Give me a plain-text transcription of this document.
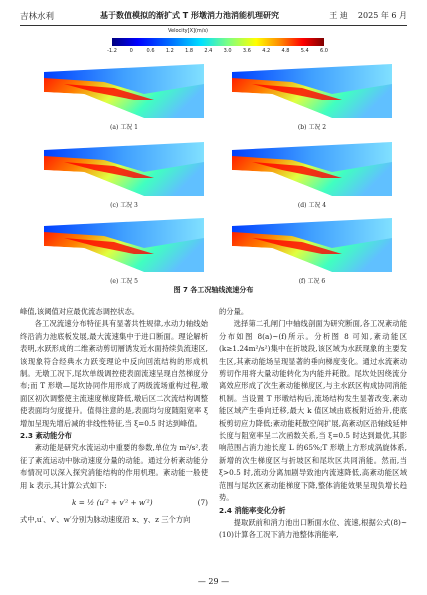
吉林水利	基于数值模拟的渐扩式 T 形墩消力池消能机理研究	王 迪 2025 年 6 月
Velocity[X](m/s)
-1.2	0	0.6 1.2 1.8 2.4 3.0 3.6 4.2 4.8 5.4 6.0
(a) 工况 1	(b) 工况 2
(c) 工况 3	(d) 工况 4
(e) 工况 5	(f) 工况 6
图 7 各工况轴线流速分布

峰值,该阈值对应最优流态调控状态。

各工况流速分布特征具有显著共性规律,水动力轴线始终沿消力池底板发展,最大流速集中于进口断面。理论解析表明,水跃形成的二维紊动剪切層诱发近水面持续负流速区,该现象符合经典水力跃变理论中反向回流结构的形成机制。无墩工况下,尾坎单级调控使表面流速呈现自然梯度分布;而 T 形墩—尾坎协同作用形成了两级流场重构过程,墩面区初次调整使主流速度梯度降低,墩后区二次流结构调整使表面均匀度提升。值得注意的是,表面均匀度随阻宽率 ξ 增加呈现先增后减的非线性特征,当 ξ=0.5 时达到峰值。

2.3 紊动能分布

紊动能是研究水流运动中重要的参数,单位为 m²/s²,表征了紊流运动中脉动速度分量的动能。通过分析紊动能分布情况可以深入探究消能结构的作用机理。紊动能一般使用 k 表示,其计算公式如下:

k = ½ (u′² + v′² + w′²)	(7)

式中,u′、v′、w′分别为脉动速度沿 x、y、z 三个方向

的分量。

选择第二孔闸门中轴线剖面为研究断面,各工况紊动能分布如图 8(a)~(f)所示。分析图 8 可知,紊动能区(k≥1.24m²/s²)集中在折坡段,该区域为水跃现象的主要发生区,其紊动能场呈现显著的垂向梯度变化。通过水流紊动剪切作用将大量动能转化为内能并耗散。尾坎处因绕流分离效应形成了次生紊动能梯度区,与主水跃区构成协同消能机制。当设置 T 形墩结构后,流场结构发生显著改变,紊动能区域产生垂向迁移,最大 k 值区域由底板附近抬升,使底板剪切应力降低;紊动能耗散空间扩展,高紊动区沿轴线延伸长度与阻宽率呈二次函数关系,当 ξ=0.5 时达到最优,其影响范围占消力池长度 L 的65%;T 形墩上方形成涡旋体系,新增的次生梯度区与折坡区和尾坎区共同消能。然而,当 ξ>0.5 时,流动分离加剧导致池内流速降低,高紊动能区域范围与尾坎区紊动能梯度下降,整体消能效果呈现负增长趋势。

2.4 消能率变化分析

提取跃前和消力池出口断面水位、流速,根据公式(8)~(10)计算各工况下消力池整体消能率,

— 29 —
